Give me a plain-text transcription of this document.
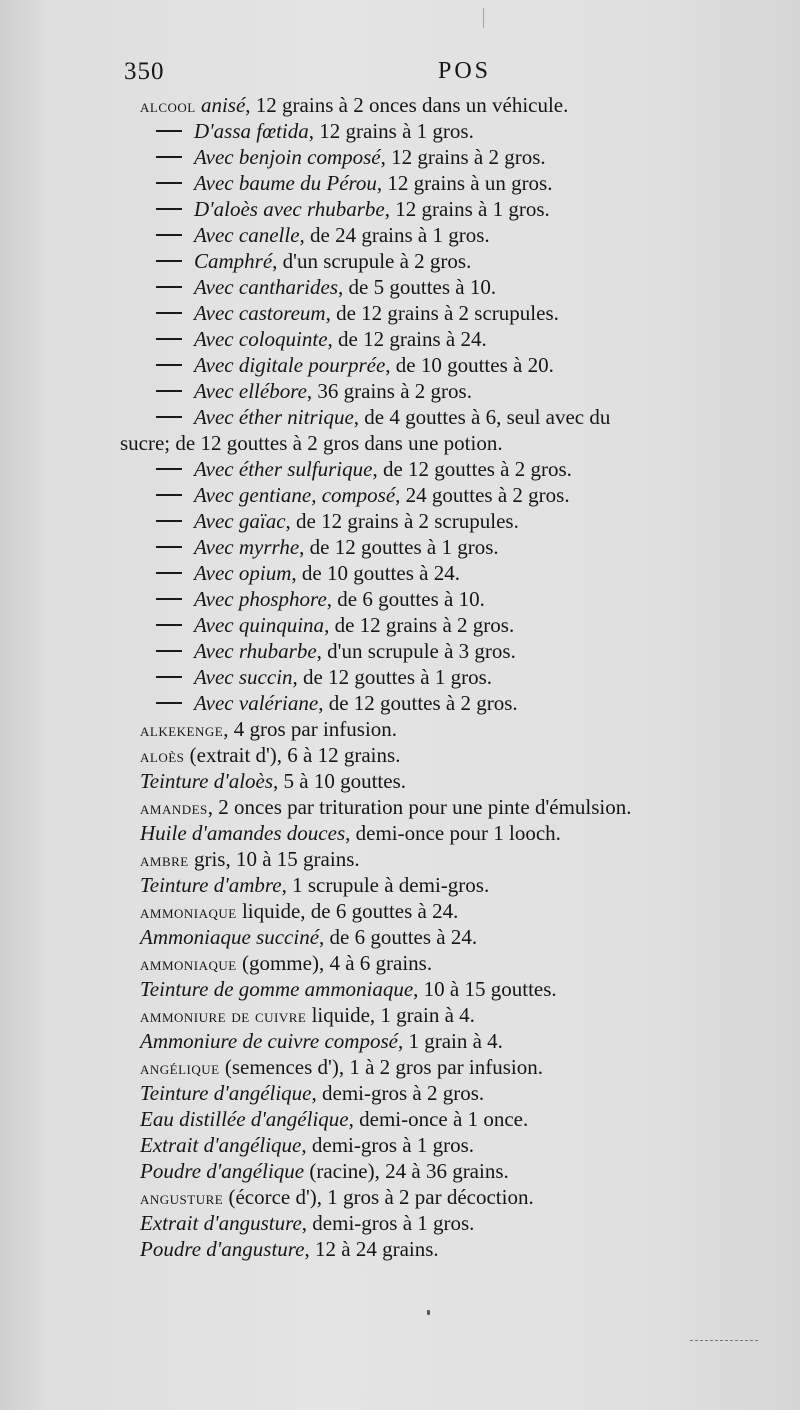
350	POS
alcool anisé, 12 grains à 2 onces dans un véhicule.
D'assa fœtida, 12 grains à 1 gros.
Avec benjoin composé, 12 grains à 2 gros.
Avec baume du Pérou, 12 grains à un gros.
D'aloès avec rhubarbe, 12 grains à 1 gros.
Avec canelle, de 24 grains à 1 gros.
Camphré, d'un scrupule à 2 gros.
Avec cantharides, de 5 gouttes à 10.
Avec castoreum, de 12 grains à 2 scrupules.
Avec coloquinte, de 12 grains à 24.
Avec digitale pourprée, de 10 gouttes à 20.
Avec ellébore, 36 grains à 2 gros.
Avec éther nitrique, de 4 gouttes à 6, seul avec du
sucre; de 12 gouttes à 2 gros dans une potion.
Avec éther sulfurique, de 12 gouttes à 2 gros.
Avec gentiane, composé, 24 gouttes à 2 gros.
Avec gaïac, de 12 grains à 2 scrupules.
Avec myrrhe, de 12 gouttes à 1 gros.
Avec opium, de 10 gouttes à 24.
Avec phosphore, de 6 gouttes à 10.
Avec quinquina, de 12 grains à 2 gros.
Avec rhubarbe, d'un scrupule à 3 gros.
Avec succin, de 12 gouttes à 1 gros.
Avec valériane, de 12 gouttes à 2 gros.
alkekenge, 4 gros par infusion.
aloès (extrait d'), 6 à 12 grains.
Teinture d'aloès, 5 à 10 gouttes.
amandes, 2 onces par trituration pour une pinte d'émulsion.
Huile d'amandes douces, demi-once pour 1 looch.
ambre gris, 10 à 15 grains.
Teinture d'ambre, 1 scrupule à demi-gros.
ammoniaque liquide, de 6 gouttes à 24.
Ammoniaque succiné, de 6 gouttes à 24.
ammoniaque (gomme), 4 à 6 grains.
Teinture de gomme ammoniaque, 10 à 15 gouttes.
ammoniure de cuivre liquide, 1 grain à 4.
Ammoniure de cuivre composé, 1 grain à 4.
angélique (semences d'), 1 à 2 gros par infusion.
Teinture d'angélique, demi-gros à 2 gros.
Eau distillée d'angélique, demi-once à 1 once.
Extrait d'angélique, demi-gros à 1 gros.
Poudre d'angélique (racine), 24 à 36 grains.
angusture (écorce d'), 1 gros à 2 par décoction.
Extrait d'angusture, demi-gros à 1 gros.
Poudre d'angusture, 12 à 24 grains.
